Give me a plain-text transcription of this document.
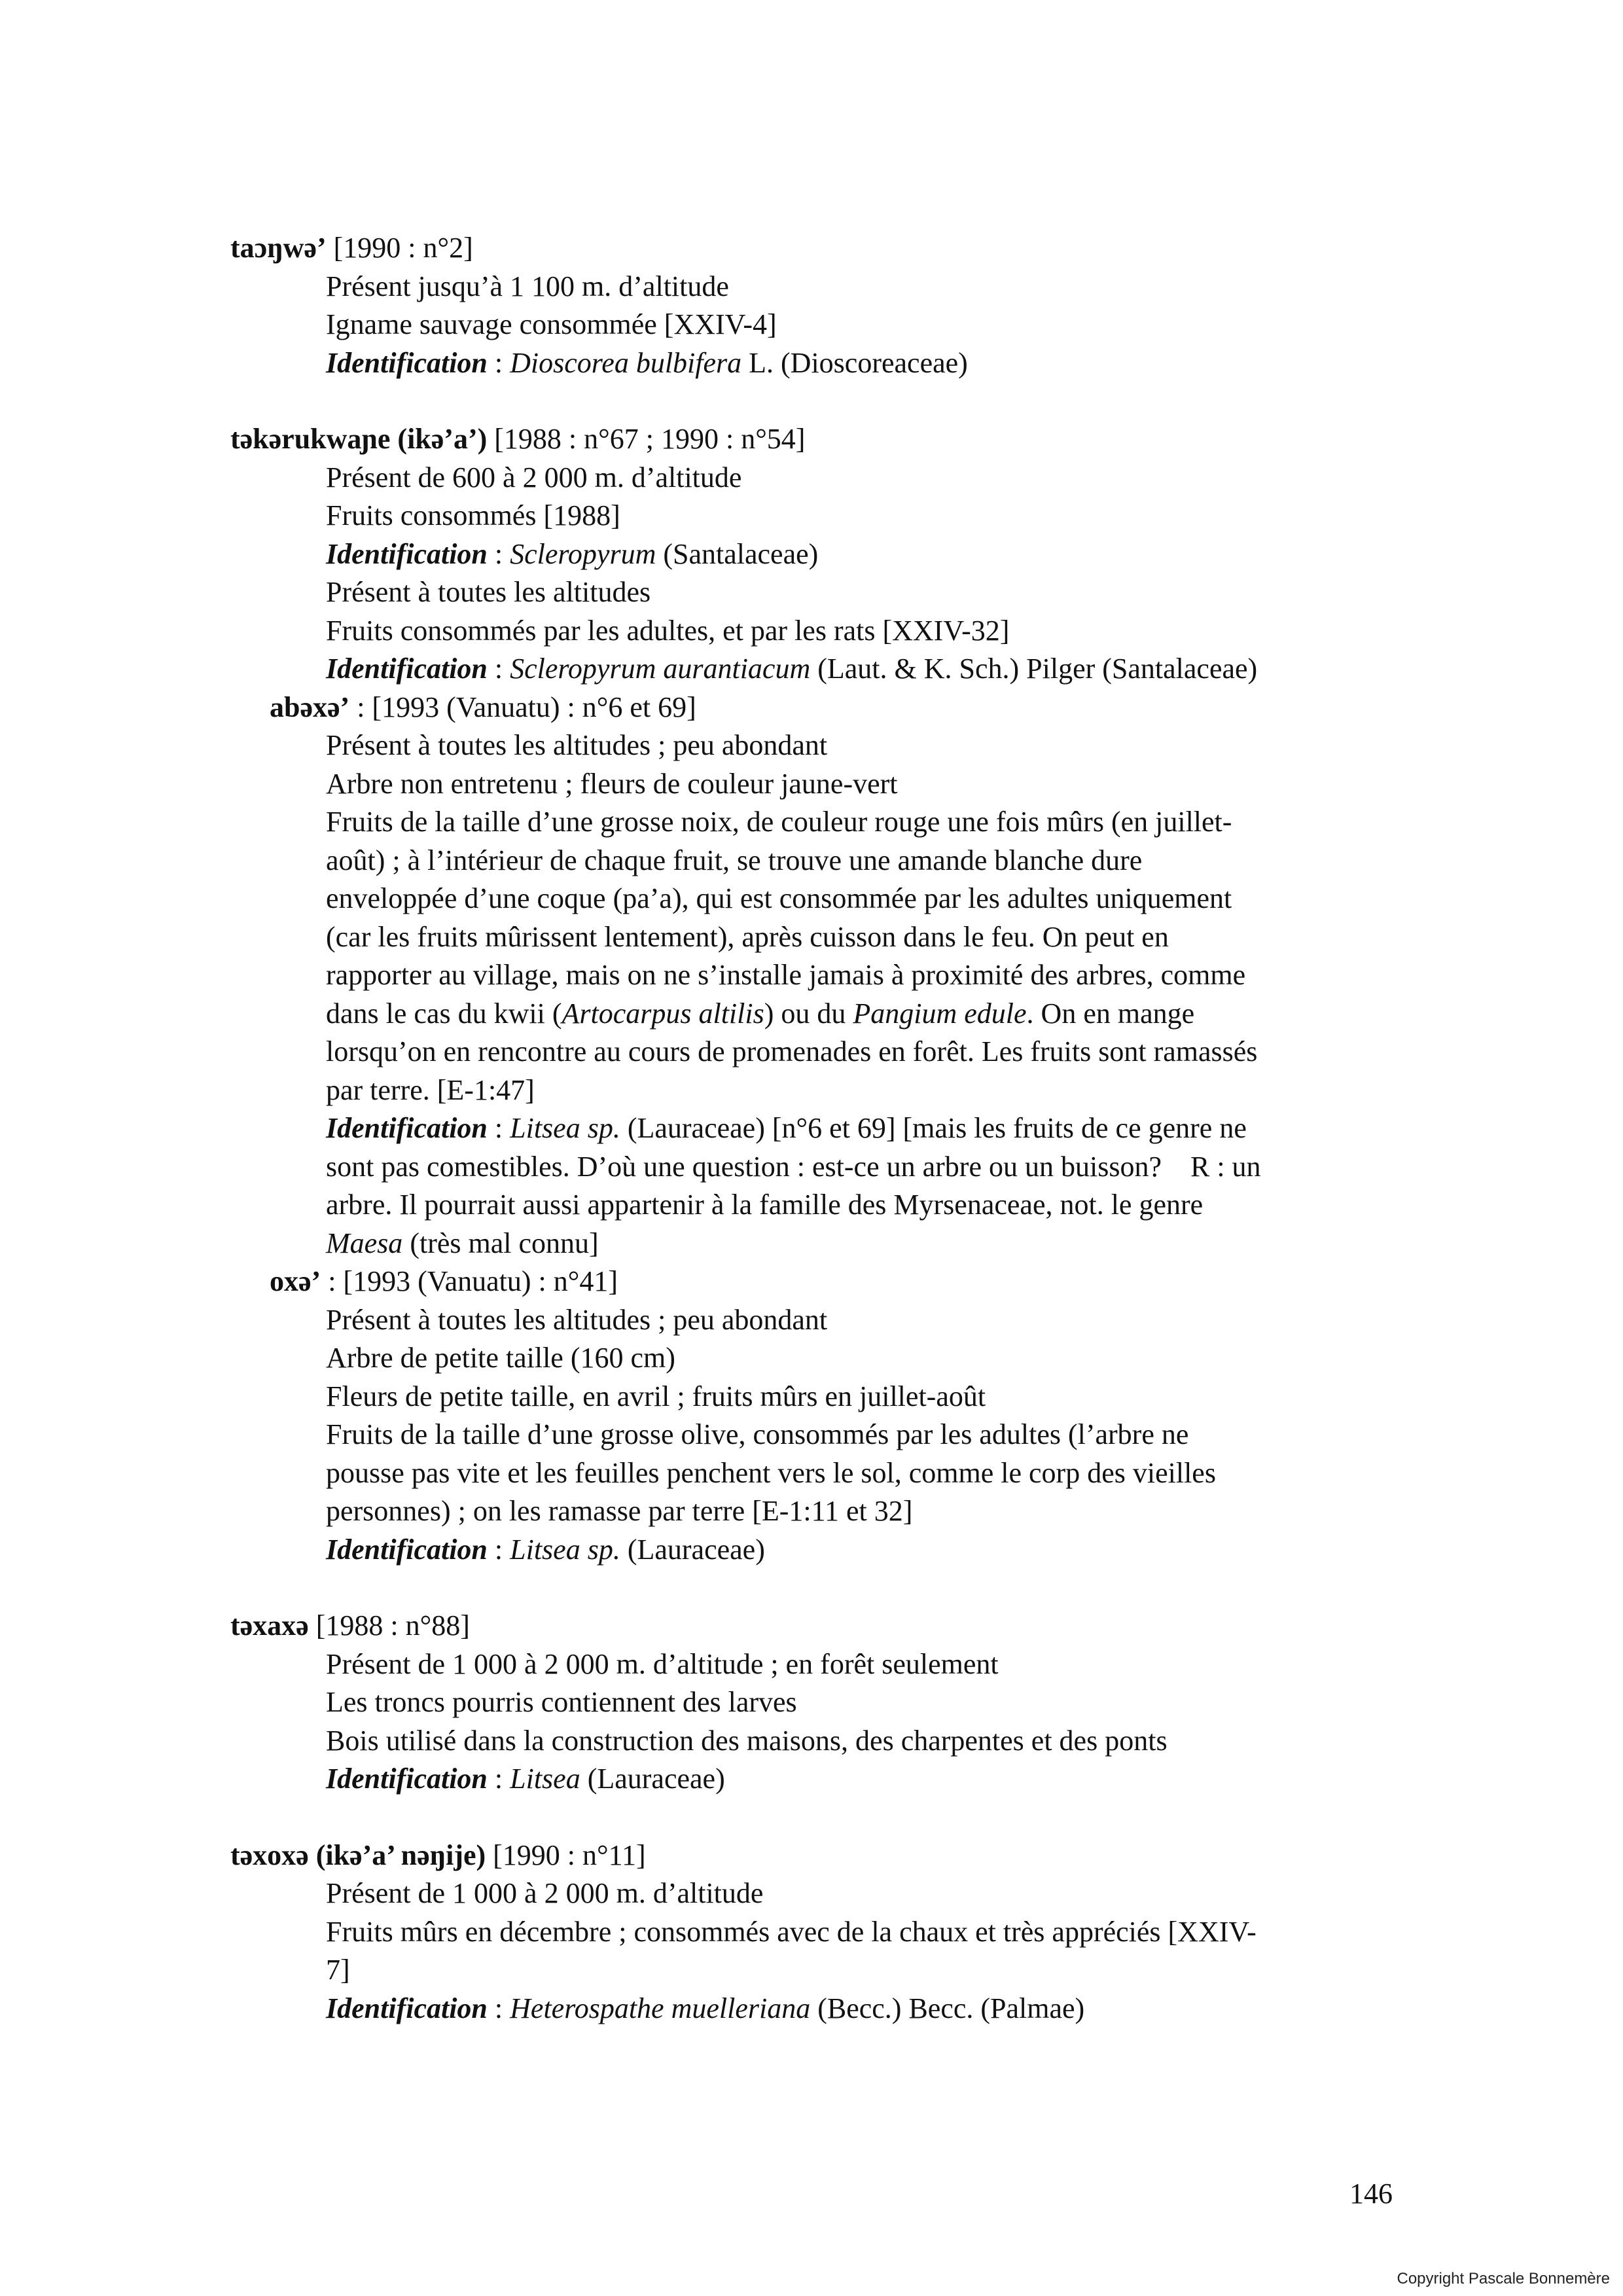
taɔŋwə’ [1990 : n°2]
Présent jusqu’à 1 100 m. d’altitude
Igname sauvage consommée [XXIV-4]
Identification : Dioscorea bulbifera L. (Dioscoreaceae)
təkərukwaɲe (ikə’a’) [1988 : n°67 ; 1990 : n°54]
Présent de 600 à 2 000 m. d’altitude
Fruits consommés [1988]
Identification : Scleropyrum (Santalaceae)
Présent à toutes les altitudes
Fruits consommés par les adultes, et par les rats [XXIV-32]
Identification : Scleropyrum aurantiacum (Laut. & K. Sch.) Pilger (Santalaceae)
abəxə’ : [1993 (Vanuatu) : n°6 et 69]
Présent à toutes les altitudes ; peu abondant
Arbre non entretenu ; fleurs de couleur jaune-vert
Fruits de la taille d’une grosse noix, de couleur rouge une fois mûrs (en juillet-
août) ; à l’intérieur de chaque fruit, se trouve une amande blanche dure
enveloppée d’une coque (pa’a), qui est consommée par les adultes uniquement
(car les fruits mûrissent lentement), après cuisson dans le feu. On peut en
rapporter au village, mais on ne s’installe jamais à proximité des arbres, comme
dans le cas du kwii (Artocarpus altilis) ou du Pangium edule. On en mange
lorsqu’on en rencontre au cours de promenades en forêt. Les fruits sont ramassés
par terre. [E-1:47]
Identification : Litsea sp. (Lauraceae) [n°6 et 69] [mais les fruits de ce genre ne
sont pas comestibles. D’où une question : est-ce un arbre ou un buisson?    R : un
arbre. Il pourrait aussi appartenir à la famille des Myrsenaceae, not. le genre
Maesa (très mal connu]
oxə’ : [1993 (Vanuatu) : n°41]
Présent à toutes les altitudes ; peu abondant
Arbre de petite taille (160 cm)
Fleurs de petite taille, en avril ; fruits mûrs en juillet-août
Fruits de la taille d’une grosse olive, consommés par les adultes (l’arbre ne
pousse pas vite et les feuilles penchent vers le sol, comme le corp des vieilles
personnes) ; on les ramasse par terre [E-1:11 et 32]
Identification : Litsea sp. (Lauraceae)
təxaxə [1988 : n°88]
Présent de 1 000 à 2 000 m. d’altitude ; en forêt seulement
Les troncs pourris contiennent des larves
Bois utilisé dans la construction des maisons, des charpentes et des ponts
Identification : Litsea (Lauraceae)
təxoxə (ikə’a’ nəŋije) [1990 : n°11]
Présent de 1 000 à 2 000 m. d’altitude
Fruits mûrs en décembre ; consommés avec de la chaux et très appréciés [XXIV-
7]
Identification : Heterospathe muelleriana (Becc.) Becc. (Palmae)
146
Copyright Pascale Bonnemère
